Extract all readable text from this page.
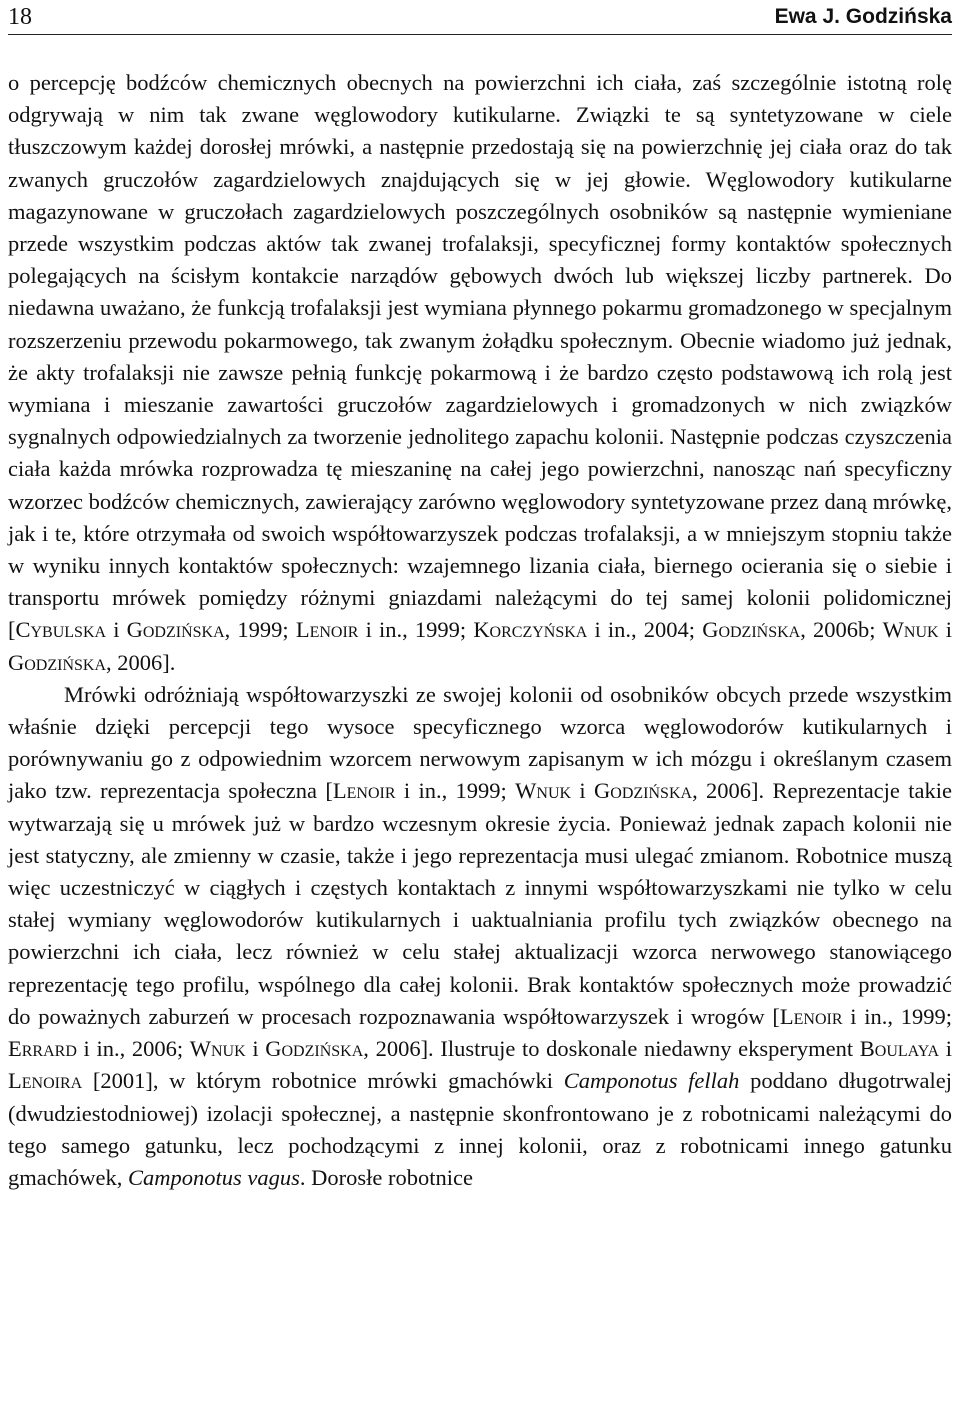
18	Ewa J. Godzińska

o percepcję bodźców chemicznych obecnych na powierzchni ich ciała, zaś szczególnie istotną rolę odgrywają w nim tak zwane węglowodory kutikularne. Związki te są syntetyzowane w ciele tłuszczowym każdej dorosłej mrówki, a następnie przedostają się na powierzchnię jej ciała oraz do tak zwanych gruczołów zagardzielowych znajdujących się w jej głowie. Węglowodory kutikularne magazynowane w gruczołach zagardzielowych poszczególnych osobników są następnie wymieniane przede wszystkim podczas aktów tak zwanej trofalaksji, specyficznej formy kontaktów społecznych polegających na ścisłym kontakcie narządów gębowych dwóch lub większej liczby partnerek. Do niedawna uważano, że funkcją trofalaksji jest wymiana płynnego pokarmu gromadzonego w specjalnym rozszerzeniu przewodu pokarmowego, tak zwanym żołądku społecznym. Obecnie wiadomo już jednak, że akty trofalaksji nie zawsze pełnią funkcję pokarmową i że bardzo często podstawową ich rolą jest wymiana i mieszanie zawartości gruczołów zagardzielowych i gromadzonych w nich związków sygnalnych odpowiedzialnych za tworzenie jednolitego zapachu kolonii. Następnie podczas czyszczenia ciała każda mrówka rozprowadza tę mieszaninę na całej jego powierzchni, nanosząc nań specyficzny wzorzec bodźców chemicznych, zawierający zarówno węglowodory syntetyzowane przez daną mrówkę, jak i te, które otrzymała od swoich współtowarzyszek podczas trofalaksji, a w mniejszym stopniu także w wyniku innych kontaktów społecznych: wzajemnego lizania ciała, biernego ocierania się o siebie i transportu mrówek pomiędzy różnymi gniazdami należącymi do tej samej kolonii polidomicznej [Cybulska i Godzińska, 1999; Lenoir i in., 1999; Korczyńska i in., 2004; Godzińska, 2006b; Wnuk i Godzińska, 2006].

Mrówki odróżniają współtowarzyszki ze swojej kolonii od osobników obcych przede wszystkim właśnie dzięki percepcji tego wysoce specyficznego wzorca węglowodorów kutikularnych i porównywaniu go z odpowiednim wzorcem nerwowym zapisanym w ich mózgu i określanym czasem jako tzw. reprezentacja społeczna [Lenoir i in., 1999; Wnuk i Godzińska, 2006]. Reprezentacje takie wytwarzają się u mrówek już w bardzo wczesnym okresie życia. Ponieważ jednak zapach kolonii nie jest statyczny, ale zmienny w czasie, także i jego reprezentacja musi ulegać zmianom. Robotnice muszą więc uczestniczyć w ciągłych i częstych kontaktach z innymi współtowarzyszkami nie tylko w celu stałej wymiany węglowodorów kutikularnych i uaktualniania profilu tych związków obecnego na powierzchni ich ciała, lecz również w celu stałej aktualizacji wzorca nerwowego stanowiącego reprezentację tego profilu, wspólnego dla całej kolonii. Brak kontaktów społecznych może prowadzić do poważnych zaburzeń w procesach rozpoznawania współtowarzyszek i wrogów [Lenoir i in., 1999; Errard i in., 2006; Wnuk i Godzińska, 2006]. Ilustruje to doskonale niedawny eksperyment Boulaya i Lenoira [2001], w którym robotnice mrówki gmachówki Camponotus fellah poddano długotrwalej (dwudziestodniowej) izolacji społecznej, a następnie skonfrontowano je z robotnicami należącymi do tego samego gatunku, lecz pochodzącymi z innej kolonii, oraz z robotnicami innego gatunku gmachówek, Camponotus vagus. Dorosłe robotnice
